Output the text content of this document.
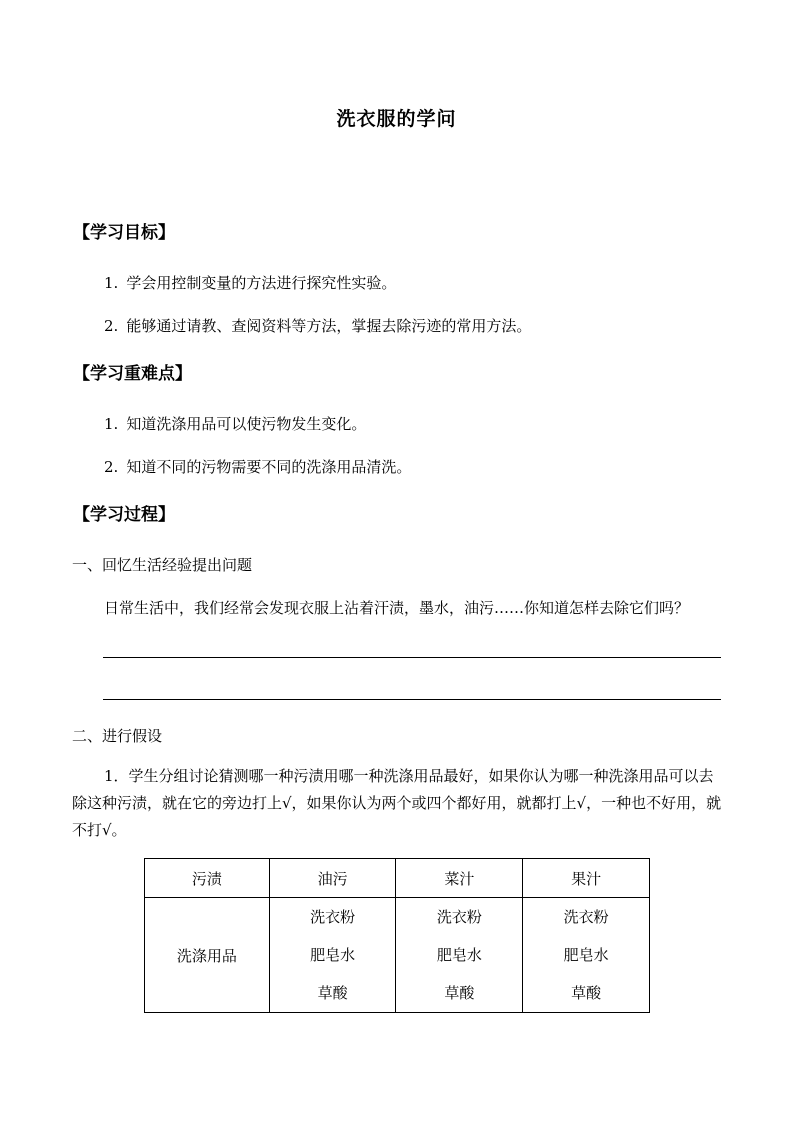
洗衣服的学问
【学习目标】
1. 学会用控制变量的方法进行探究性实验。
2. 能够通过请教、查阅资料等方法，掌握去除污迹的常用方法。
【学习重难点】
1. 知道洗涤用品可以使污物发生变化。
2. 知道不同的污物需要不同的洗涤用品清洗。
【学习过程】
一、回忆生活经验提出问题
日常生活中，我们经常会发现衣服上沾着汗渍，墨水，油污……你知道怎样去除它们吗？
二、进行假设
1．学生分组讨论猜测哪一种污渍用哪一种洗涤用品最好，如果你认为哪一种洗涤用品可以去除这种污渍，就在它的旁边打上√，如果你认为两个或四个都好用，就都打上√，一种也不好用，就不打√。
污渍	油污	菜汁	果汁
洗涤用品	洗衣粉
肥皂水
草酸	洗衣粉
肥皂水
草酸	洗衣粉
肥皂水
草酸
